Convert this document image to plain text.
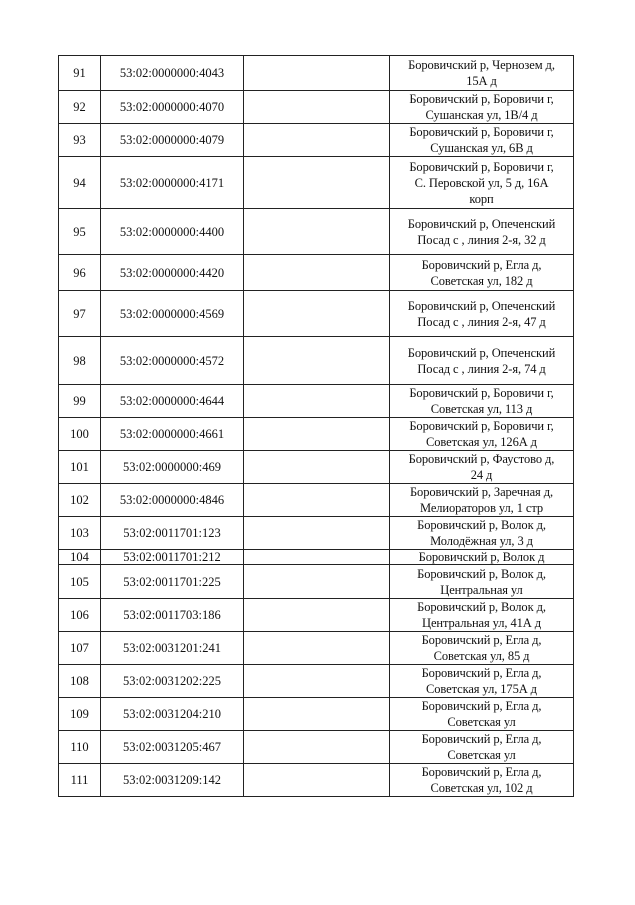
91	53:02:0000000:4043		Боровичский р, Чернозем д,
15А д
92	53:02:0000000:4070		Боровичский р, Боровичи г,
Сушанская ул, 1В/4 д
93	53:02:0000000:4079		Боровичский р, Боровичи г,
Сушанская ул, 6В д
94	53:02:0000000:4171		Боровичский р, Боровичи г,
С. Перовской ул, 5 д, 16А
корп
95	53:02:0000000:4400		Боровичский р, Опеченский
Посад с , линия 2-я, 32 д
96	53:02:0000000:4420		Боровичский р, Егла д,
Советская ул, 182 д
97	53:02:0000000:4569		Боровичский р, Опеченский
Посад с , линия 2-я, 47 д
98	53:02:0000000:4572		Боровичский р, Опеченский
Посад с , линия 2-я, 74 д
99	53:02:0000000:4644		Боровичский р, Боровичи г,
Советская ул, 113 д
100	53:02:0000000:4661		Боровичский р, Боровичи г,
Советская ул, 126А д
101	53:02:0000000:469		Боровичский р, Фаустово д,
24 д
102	53:02:0000000:4846		Боровичский р, Заречная д,
Мелиораторов ул, 1 стр
103	53:02:0011701:123		Боровичский р, Волок д,
Молодёжная ул, 3 д
104	53:02:0011701:212		Боровичский р, Волок д
105	53:02:0011701:225		Боровичский р, Волок д,
Центральная ул
106	53:02:0011703:186		Боровичский р, Волок д,
Центральная ул, 41А д
107	53:02:0031201:241		Боровичский р, Егла д,
Советская ул, 85 д
108	53:02:0031202:225		Боровичский р, Егла д,
Советская ул, 175А д
109	53:02:0031204:210		Боровичский р, Егла д,
Советская ул
110	53:02:0031205:467		Боровичский р, Егла д,
Советская ул
111	53:02:0031209:142		Боровичский р, Егла д,
Советская ул, 102 д
